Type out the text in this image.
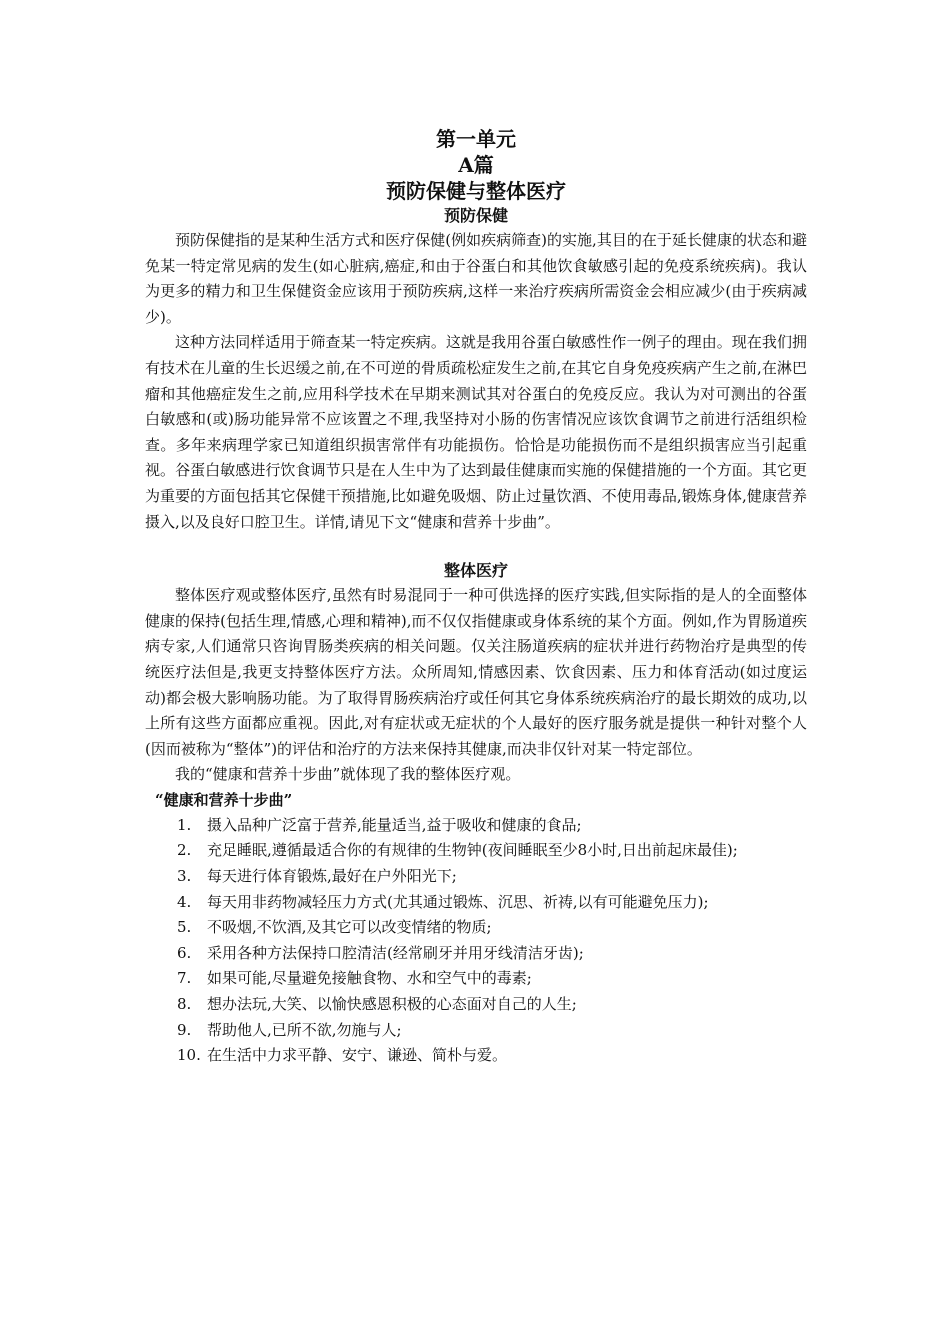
第一单元
A篇
预防保健与整体医疗
预防保健

预防保健指的是某种生活方式和医疗保健(例如疾病筛查)的实施,其目的在于延长健康的状态和避免某一特定常见病的发生(如心脏病,癌症,和由于谷蛋白和其他饮食敏感引起的免疫系统疾病)。我认为更多的精力和卫生保健资金应该用于预防疾病,这样一来治疗疾病所需资金会相应减少(由于疾病减少)。

这种方法同样适用于筛查某一特定疾病。这就是我用谷蛋白敏感性作一例子的理由。现在我们拥有技术在儿童的生长迟缓之前,在不可逆的骨质疏松症发生之前,在其它自身免疫疾病产生之前,在淋巴瘤和其他癌症发生之前,应用科学技术在早期来测试其对谷蛋白的免疫反应。我认为对可测出的谷蛋白敏感和(或)肠功能异常不应该置之不理,我坚持对小肠的伤害情况应该饮食调节之前进行活组织检查。多年来病理学家已知道组织损害常伴有功能损伤。恰恰是功能损伤而不是组织损害应当引起重视。谷蛋白敏感进行饮食调节只是在人生中为了达到最佳健康而实施的保健措施的一个方面。其它更为重要的方面包括其它保健干预措施,比如避免吸烟、防止过量饮酒、不使用毒品,锻炼身体,健康营养摄入,以及良好口腔卫生。详情,请见下文“健康和营养十步曲”。

整体医疗

整体医疗观或整体医疗,虽然有时易混同于一种可供选择的医疗实践,但实际指的是人的全面整体健康的保持(包括生理,情感,心理和精神),而不仅仅指健康或身体系统的某个方面。例如,作为胃肠道疾病专家,人们通常只咨询胃肠类疾病的相关问题。仅关注肠道疾病的症状并进行药物治疗是典型的传统医疗法但是,我更支持整体医疗方法。众所周知,情感因素、饮食因素、压力和体育活动(如过度运动)都会极大影响肠功能。为了取得胃肠疾病治疗或任何其它身体系统疾病治疗的最长期效的成功,以上所有这些方面都应重视。因此,对有症状或无症状的个人最好的医疗服务就是提供一种针对整个人(因而被称为“整体”)的评估和治疗的方法来保持其健康,而决非仅针对某一特定部位。

我的“健康和营养十步曲”就体现了我的整体医疗观。

“健康和营养十步曲”
1. 摄入品种广泛富于营养,能量适当,益于吸收和健康的食品;
2. 充足睡眠,遵循最适合你的有规律的生物钟(夜间睡眠至少8小时,日出前起床最佳);
3. 每天进行体育锻炼,最好在户外阳光下;
4. 每天用非药物减轻压力方式(尤其通过锻炼、沉思、祈祷,以有可能避免压力);
5. 不吸烟,不饮酒,及其它可以改变情绪的物质;
6. 采用各种方法保持口腔清洁(经常刷牙并用牙线清洁牙齿);
7. 如果可能,尽量避免接触食物、水和空气中的毒素;
8. 想办法玩,大笑、以愉快感恩积极的心态面对自己的人生;
9. 帮助他人,已所不欲,勿施与人;
10. 在生活中力求平静、安宁、谦逊、简朴与爱。
